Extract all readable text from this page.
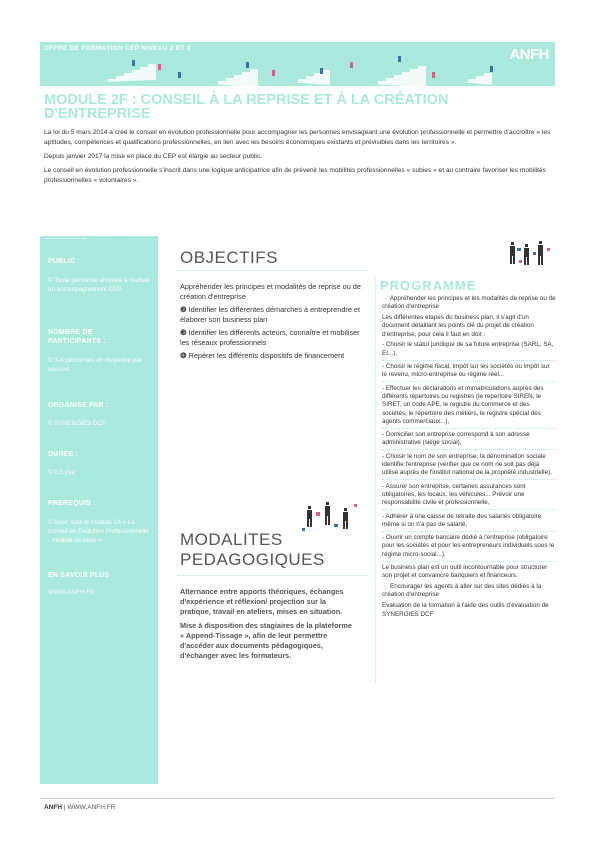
OFFRE DE FORMATION CEP NIVEAU 2 ET 3	ANFH
MODULE 2F : CONSEIL À LA REPRISE ET À LA CRÉATION D'ENTREPRISE

La loi du 5 mars 2014 a créé le conseil en évolution professionnelle pour accompagner les personnes envisageant une évolution professionnelle et permettre d'accroître « les aptitudes, compétences et qualifications professionnelles, en lien avec les besoins économiques existants et prévisibles dans les territoires ».

Depuis janvier 2017 la mise en place du CEP est élargie au secteur public.

Le conseil en évolution professionnelle s'inscrit dans une logique anticipatrice afin de prévenir les mobilités professionnelles « subies » et au contraire favoriser les mobilités professionnelles « volontaires ».

PUBLIC :
© Toute personne amenée à réaliser un accompagnement CEP
NOMBRE DE
PARTICIPANTS :
© 3-4 personnes en moyenne par session
ORGANISE PAR :
© SYNERGIES DCF
DUREE :
© 0,5 jour
PRÉREQUIS :
© Avoir suivi le module 1A « Le conseil en Evolution Professionnelle - module de base »
EN SAVOIR PLUS
WWW.ANFH.FR
OBJECTIFS

Appréhender les principes et modalités de reprise ou de création d'entreprise

❷ Identifier les différentes démarches à entreprendre et élaborer son business plan

❸ Identifier les différents acteurs, connaître et mobiliser les réseaux professionnels

❹ Repérer les différents dispositifs de financement

MODALITES
PEDAGOGIQUES

Alternance entre apports théoriques, échanges d'expérience et réflexion/ projection sur la pratique, travail en ateliers, mises en situation.

Mise à disposition des stagiaires de la plateforme « Append-Tissage », afin de leur permettre d'accéder aux documents pédagogiques, d'échanger avec les formateurs.

PROGRAMME

→ Appréhender les principes et les modalités de reprise ou de création d'entreprise

Les différentes étapes du business plan, il s'agit d'un document détaillant les points clé du projet de création d'entreprise, pour cela il faut en doit :

- Choisir le statut juridique de sa future entreprise (SARL, SA, EI...),

- Choisir le régime fiscal, impôt sur les sociétés ou impôt sur le revenu, micro-entreprise ou régime réel...

- Effectuer les déclarations et immatriculations auprès des différents répertoires ou registres (le repertoire SIREN, le SIRET, un code APE, le registre du commerce et des sociétés, le répertoire des métiers, le registre spécial des agents commerciaux...),

- Domicilier son entreprise correspond à son adresse administrative (siège social),

- Choisir le nom de son entreprise, la dénomination sociale identifie l'entreprise (vérifier que ce nom ne soit pas déjà utilisé auprès de l'institut national de la propriété industrielle),

- Assurer son entreprise, certaines assurances sont obligatoires, les locaux, les véhicules... Prévoir une responsabilité civile et professionnelle,

- Adhérer à une caisse de retraite des salariés obligatoire même si on n'a pas de salarié,

- Ouvrir un compte bancaire dédié à l'entreprise (obligatoire pour les sociétés et pour les entrepreneurs individuels sous le régime micro-social...).

Le business plan est un outil incontournable pour structurer son projet et convaincre banquiers et financeurs.

→ Encourager les agents à aller sur des sites dédiés à la création d'entreprise

Evaluation de la formation à l'aide des outils d'évaluation de SYNERGIES DCF

ANFH | WWW.ANFH.FR
